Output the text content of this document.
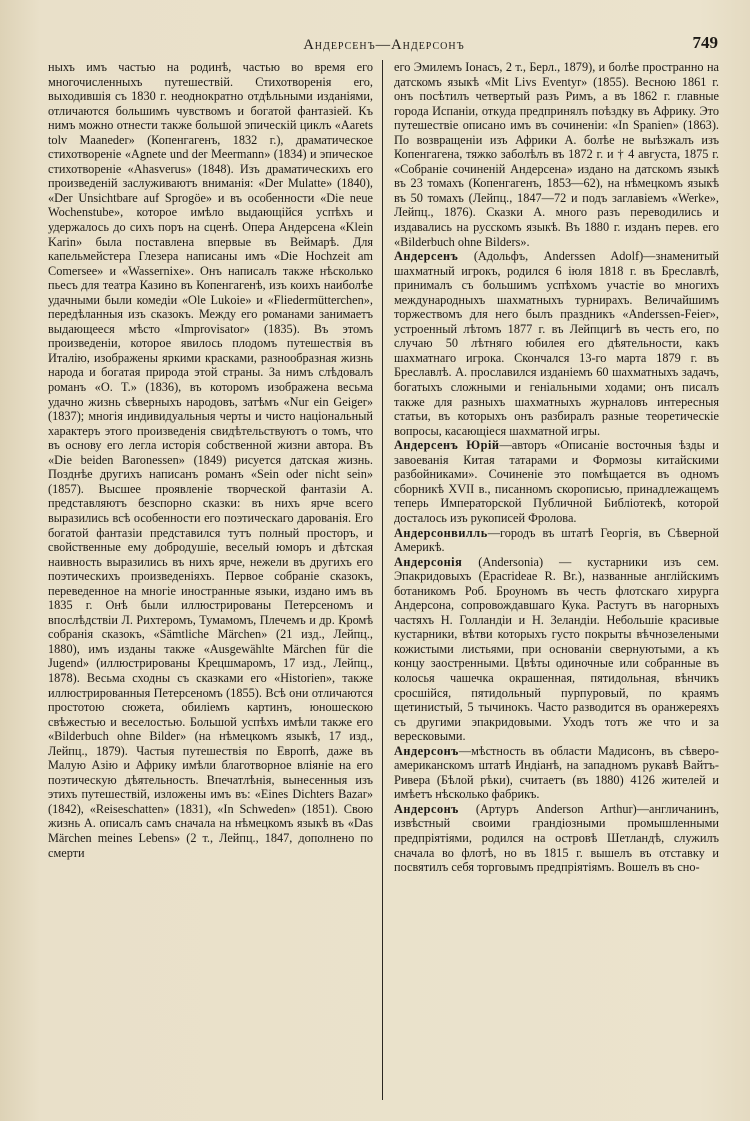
Андерсенъ—Андерсонъ	749

ныхъ имъ частью на родинѣ, частью во время его многочисленныхъ путешествій. Стихотворенія его, выходившія съ 1830 г. неоднократно отдѣльными изданіями, отличаются большимъ чувствомъ и богатой фантазіей. Къ нимъ можно отнести также большой эпическій циклъ «Aarets tolv Maaneder» (Копенгагенъ, 1832 г.), драматическое стихотвореніе «Agnete und der Meermann» (1834) и эпическое стихотвореніе «Ahasverus» (1848). Изъ драматическихъ его произведеній заслуживаютъ вниманія: «Der Mulatte» (1840), «Der Unsichtbare auf Sprogöe» и въ особенности «Die neue Wochenstube», которое имѣло выдающійся успѣхъ и удержалось до сихъ поръ на сценѣ. Опера Андерсена «Klein Karin» была поставлена впервые въ Веймарѣ. Для капельмейстера Глезера написаны имъ «Die Hochzeit am Comersee» и «Wassernixe». Онъ написалъ также нѣсколько пьесъ для театра Казино въ Копенгагенѣ, изъ коихъ наиболѣе удачными были комедіи «Ole Lukoie» и «Fliedermütterchen», передѣланныя изъ сказокъ. Между его романами занимаетъ выдающееся мѣсто «Improvisator» (1835). Въ этомъ произведеніи, которое явилось плодомъ путешествія въ Италію, изображены яркими красками, разнообразная жизнь народа и богатая природа этой страны. За нимъ слѣдовалъ романъ «O. T.» (1836), въ которомъ изображена весьма удачно жизнь сѣверныхъ народовъ, затѣмъ «Nur ein Geiger» (1837); многія индивидуальныя черты и чисто національный характеръ этого произведенія свидѣтельствуютъ о томъ, что въ основу его легла исторія собственной жизни автора. Въ «Die beiden Baronessen» (1849) рисуется датская жизнь. Позднѣе другихъ написанъ романъ «Sein oder nicht sein» (1857). Высшее проявленіе творческой фантазіи А. представляютъ безспорно сказки: въ нихъ ярче всего выразились всѣ особенности его поэтическаго дарованія. Его богатой фантазіи представился тутъ полный просторъ, и свойственные ему добродушіе, веселый юморъ и дѣтская наивность выразились въ нихъ ярче, нежели въ другихъ его поэтическихъ произведеніяхъ. Первое собраніе сказокъ, переведенное на многіе иностранные языки, издано имъ въ 1835 г. Онѣ были иллюстрированы Петерсеномъ и впослѣдствіи Л. Рихтеромъ, Тумамомъ, Плечемъ и др. Кромѣ собранія сказокъ, «Sämtliche Märchen» (21 изд., Лейпц., 1880), имъ изданы также «Ausgewählte Märchen für die Jugend» (иллюстрированы Крецшмаромъ, 17 изд., Лейпц., 1878). Весьма сходны съ сказками его «Historien», также иллюстрированныя Петерсеномъ (1855). Всѣ они отличаются простотою сюжета, обиліемъ картинъ, юношескою свѣжестью и веселостью. Большой успѣхъ имѣли также его «Bilderbuch ohne Bilder» (на нѣмецкомъ языкѣ, 17 изд., Лейпц., 1879). Частыя путешествія по Европѣ, даже въ Малую Азію и Африку имѣли благотворное вліяніе на его поэтическую дѣятельность. Впечатлѣнія, вынесенныя изъ этихъ путешествій, изложены имъ въ: «Eines Dichters Bazar» (1842), «Reiseschatten» (1831), «In Schweden» (1851). Свою жизнь А. описалъ самъ сначала на нѣмецкомъ языкѣ въ «Das Märchen meines Lebens» (2 т., Лейпц., 1847, дополнено по смерти

его Эмилемъ Іонасъ, 2 т., Берл., 1879), и болѣе пространно на датскомъ языкѣ «Mit Livs Eventyr» (1855). Весною 1861 г. онъ посѣтилъ четвертый разъ Римъ, а въ 1862 г. главные города Испаніи, откуда предпринялъ поѣздку въ Африку. Это путешествіе описано имъ въ сочиненіи: «In Spanien» (1863). По возвращеніи изъ Африки А. болѣе не выѣзжалъ изъ Копенгагена, тяжко заболѣлъ въ 1872 г. и † 4 августа, 1875 г. «Собраніе сочиненій Андерсена» издано на датскомъ языкѣ въ 23 томахъ (Копенгагенъ, 1853—62), на нѣмецкомъ языкѣ въ 50 томахъ (Лейпц., 1847—72 и подъ заглавіемъ «Werke», Лейпц., 1876). Сказки А. много разъ переводились и издавались на русскомъ языкѣ. Въ 1880 г. изданъ перев. его «Bilderbuch ohne Bilders».

Андерсенъ (Адольфъ, Anderssen Adolf)—знаменитый шахматный игрокъ, родился 6 іюля 1818 г. въ Бреславлѣ, принималъ съ большимъ успѣхомъ участіе во многихъ международныхъ шахматныхъ турнирахъ. Величайшимъ торжествомъ для него былъ праздникъ «Anderssen-Feier», устроенный лѣтомъ 1877 г. въ Лейпцигѣ въ честь его, по случаю 50 лѣтняго юбилея его дѣятельности, какъ шахматнаго игрока. Скончался 13-го марта 1879 г. въ Бреславлѣ. А. прославился изданіемъ 60 шахматныхъ задачъ, богатыхъ сложными и геніальными ходами; онъ писалъ также для разныхъ шахматныхъ журналовъ интересныя статьи, въ которыхъ онъ разбиралъ разные теоретическіе вопросы, касающіеся шахматной игры.

Андерсенъ Юрій—авторъ «Описаніе восточныя ѣзды и завоеванія Китая татарами и Формозы китайскими разбойниками». Сочиненіе это помѣщается въ одномъ сборникѣ XVII в., писанномъ скорописью, принадлежащемъ теперь Императорской Публичной Библіотекѣ, которой досталось изъ рукописей Фролова.

Андерсонвилль—городъ въ штатѣ Георгія, въ Сѣверной Америкѣ.

Андерсонія (Andersonia) — кустарники изъ сем. Эпакридовыхъ (Epacrideae R. Br.), названные англійскимъ ботаникомъ Роб. Броуномъ въ честь флотскаго хирурга Андерсона, сопровождавшаго Кука. Растутъ въ нагорныхъ частяхъ Н. Голландіи и Н. Зеландіи. Небольшіе красивые кустарники, вѣтви которыхъ густо покрыты вѣчнозелеными кожистыми листьями, при основаніи свернуютыми, а къ концу заостренными. Цвѣты одиночные или собранные въ колосья чашечка окрашенная, пятидольная, вѣнчикъ сросшійся, пятидольный пурпуровый, по краямъ щетинистый, 5 тычинокъ. Часто разводится въ оранжереяхъ съ другими эпакридовыми. Уходъ тотъ же что и за вересковыми.

Андерсонъ—мѣстность въ области Мадисонъ, въ сѣверо-американскомъ штатѣ Индіанѣ, на западномъ рукавѣ Вайтъ-Ривера (Бѣлой рѣки), считаетъ (въ 1880) 4126 жителей и имѣетъ нѣсколько фабрикъ.

Андерсонъ (Артуръ Anderson Arthur)—англичанинъ, извѣстный своими грандіозными промышленными предпріятіями, родился на островѣ Шетландѣ, служилъ сначала во флотѣ, но въ 1815 г. вышелъ въ отставку и посвятилъ себя торговымъ предпріятіямъ. Вошелъ въ сно-
